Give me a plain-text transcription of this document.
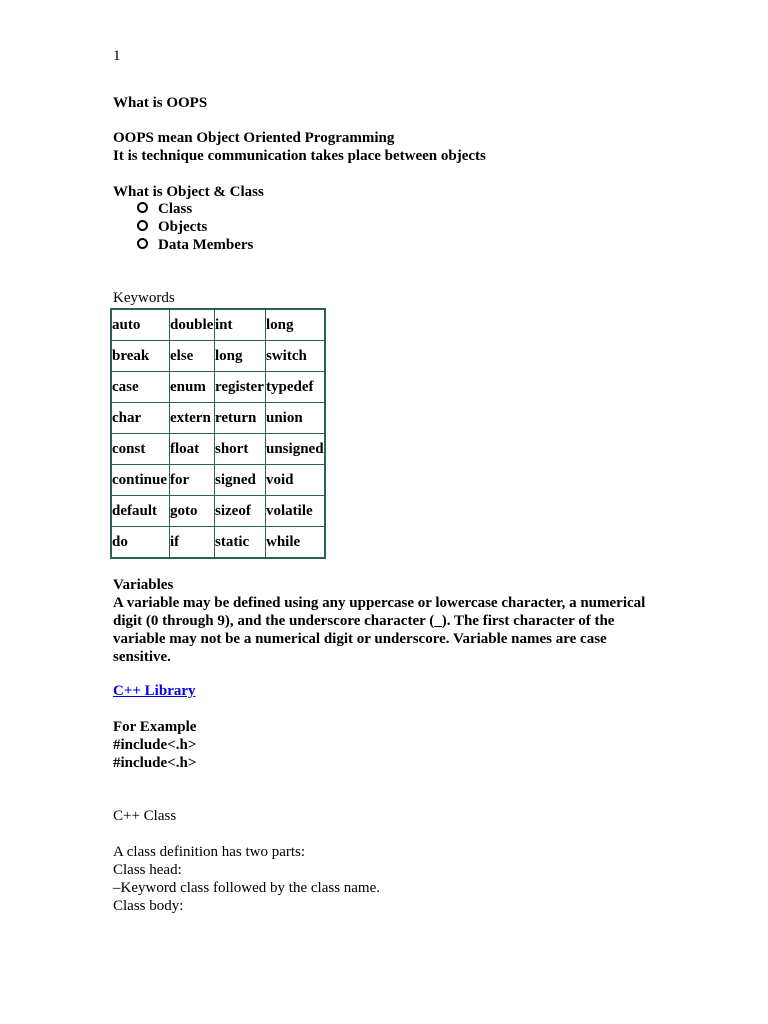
1
What is OOPS
OOPS mean Object Oriented Programming
It is technique communication takes place between objects
What is Object & Class
Class
Objects
Data Members
Keywords
auto	double	int	long
break	else	long	switch
case	enum	register	typedef
char	extern	return	union
const	float	short	unsigned
continue	for	signed	void
default	goto	sizeof	volatile
do	if	static	while
Variables
A variable may be defined using any uppercase or lowercase character, a numerical digit (0 through 9), and the underscore character (_). The first character of the variable may not be a numerical digit or underscore. Variable names are case sensitive.
C++ Library
For Example
#include<.h>
#include<.h>
C++ Class
A class definition has two parts:
Class head:
–Keyword class followed by the class name.
Class body:
